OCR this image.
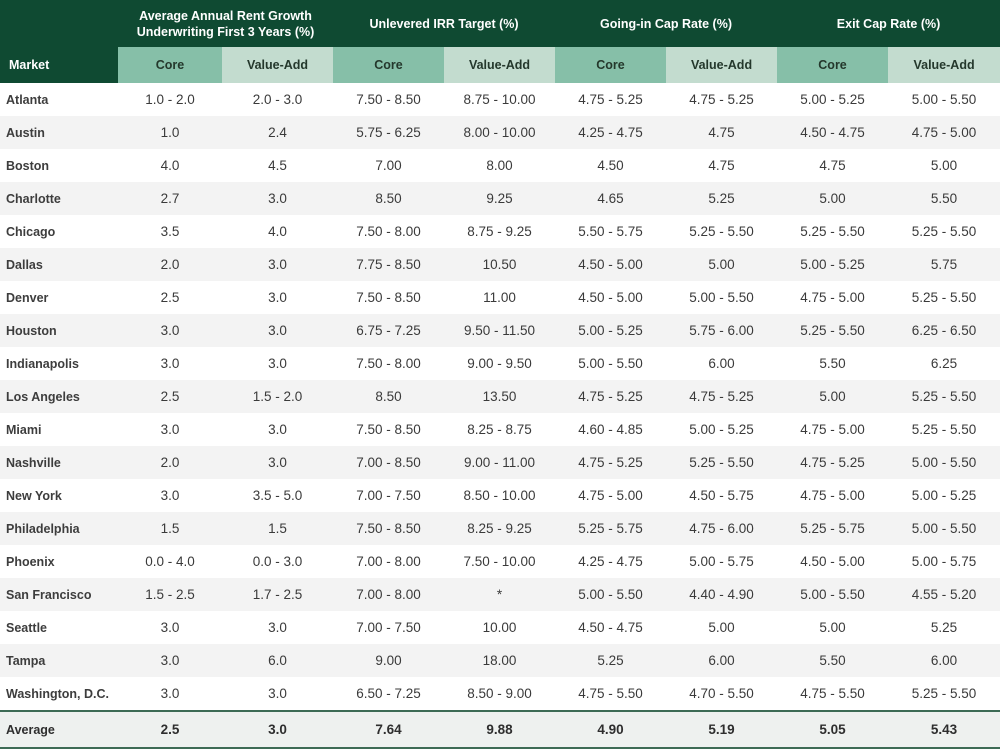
	Average Annual Rent Growth Underwriting First 3 Years (%)		Unlevered IRR Target (%)		Going-in Cap Rate (%)		Exit Cap Rate (%)	
Market	Core	Value-Add	Core	Value-Add	Core	Value-Add	Core	Value-Add
Atlanta	1.0 - 2.0	2.0 - 3.0	7.50 - 8.50	8.75 - 10.00	4.75 - 5.25	4.75 - 5.25	5.00 - 5.25	5.00 - 5.50
Austin	1.0	2.4	5.75 - 6.25	8.00 - 10.00	4.25 - 4.75	4.75	4.50 - 4.75	4.75 - 5.00
Boston	4.0	4.5	7.00	8.00	4.50	4.75	4.75	5.00
Charlotte	2.7	3.0	8.50	9.25	4.65	5.25	5.00	5.50
Chicago	3.5	4.0	7.50 - 8.00	8.75 - 9.25	5.50 - 5.75	5.25 - 5.50	5.25 - 5.50	5.25 - 5.50
Dallas	2.0	3.0	7.75 - 8.50	10.50	4.50 - 5.00	5.00	5.00 - 5.25	5.75
Denver	2.5	3.0	7.50 - 8.50	11.00	4.50 - 5.00	5.00 - 5.50	4.75 - 5.00	5.25 - 5.50
Houston	3.0	3.0	6.75 - 7.25	9.50 - 11.50	5.00 - 5.25	5.75 - 6.00	5.25 - 5.50	6.25 - 6.50
Indianapolis	3.0	3.0	7.50 - 8.00	9.00 - 9.50	5.00 - 5.50	6.00	5.50	6.25
Los Angeles	2.5	1.5 - 2.0	8.50	13.50	4.75 - 5.25	4.75 - 5.25	5.00	5.25 - 5.50
Miami	3.0	3.0	7.50 - 8.50	8.25 - 8.75	4.60 - 4.85	5.00 - 5.25	4.75 - 5.00	5.25 - 5.50
Nashville	2.0	3.0	7.00 - 8.50	9.00 - 11.00	4.75 - 5.25	5.25 - 5.50	4.75 - 5.25	5.00 - 5.50
New York	3.0	3.5 - 5.0	7.00 - 7.50	8.50 - 10.00	4.75 - 5.00	4.50 - 5.75	4.75 - 5.00	5.00 - 5.25
Philadelphia	1.5	1.5	7.50 - 8.50	8.25 - 9.25	5.25 - 5.75	4.75 - 6.00	5.25 - 5.75	5.00 - 5.50
Phoenix	0.0 - 4.0	0.0 - 3.0	7.00 - 8.00	7.50 - 10.00	4.25 - 4.75	5.00 - 5.75	4.50 - 5.00	5.00 - 5.75
San Francisco	1.5 - 2.5	1.7 - 2.5	7.00 - 8.00	*	5.00 - 5.50	4.40 - 4.90	5.00 - 5.50	4.55 - 5.20
Seattle	3.0	3.0	7.00 - 7.50	10.00	4.50 - 4.75	5.00	5.00	5.25
Tampa	3.0	6.0	9.00	18.00	5.25	6.00	5.50	6.00
Washington, D.C.	3.0	3.0	6.50 - 7.25	8.50 - 9.00	4.75 - 5.50	4.70 - 5.50	4.75 - 5.50	5.25 - 5.50
Average	2.5	3.0	7.64	9.88	4.90	5.19	5.05	5.43
